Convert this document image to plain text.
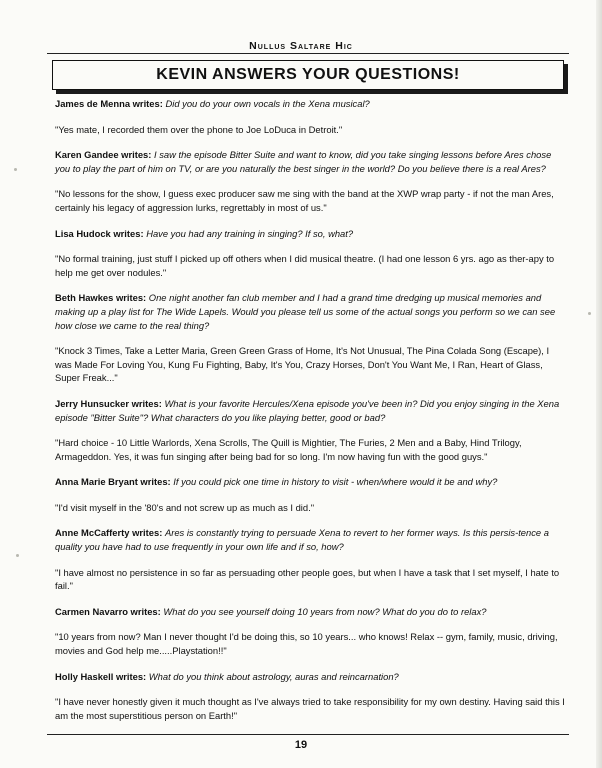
Nullus Saltare Hic

KEVIN ANSWERS YOUR QUESTIONS!

James de Menna writes: Did you do your own vocals in the Xena musical?

"Yes mate, I recorded them over the phone to Joe LoDuca in Detroit."

Karen Gandee writes: I saw the episode Bitter Suite and want to know, did you take singing lessons before Ares chose you to play the part of him on TV, or are you naturally the best singer in the world? Do you believe there is a real Ares?

"No lessons for the show, I guess exec producer saw me sing with the band at the XWP wrap party - if not the man Ares, certainly his legacy of aggression lurks, regrettably in most of us."

Lisa Hudock writes: Have you had any training in singing? If so, what?

"No formal training, just stuff I picked up off others when I did musical theatre. (I had one lesson 6 yrs. ago as ther-apy to help me get over nodules."

Beth Hawkes writes: One night another fan club member and I had a grand time dredging up musical memories and making up a play list for The Wide Lapels. Would you please tell us some of the actual songs you perform so we can see how close we came to the real thing?

"Knock 3 Times, Take a Letter Maria, Green Green Grass of Home, It's Not Unusual, The Pina Colada Song (Escape), I was Made For Loving You, Kung Fu Fighting, Baby, It's You, Crazy Horses, Don't You Want Me, I Ran, Heart of Glass, Super Freak..."

Jerry Hunsucker writes: What is your favorite Hercules/Xena episode you've been in? Did you enjoy singing in the Xena episode "Bitter Suite"? What characters do you like playing better, good or bad?

"Hard choice - 10 Little Warlords, Xena Scrolls, The Quill is Mightier, The Furies, 2 Men and a Baby, Hind Trilogy, Armageddon. Yes, it was fun singing after being bad for so long. I'm now having fun with the good guys."

Anna Marie Bryant writes: If you could pick one time in history to visit - when/where would it be and why?

"I'd visit myself in the '80's and not screw up as much as I did."

Anne McCafferty writes: Ares is constantly trying to persuade Xena to revert to her former ways. Is this persis-tence a quality you have had to use frequently in your own life and if so, how?

"I have almost no persistence in so far as persuading other people goes, but when I have a task that I set myself, I hate to fail."

Carmen Navarro writes: What do you see yourself doing 10 years from now? What do you do to relax?

"10 years from now? Man I never thought I'd be doing this, so 10 years... who knows! Relax -- gym, family, music, driving, movies and God help me.....Playstation!!"

Holly Haskell writes: What do you think about astrology, auras and reincarnation?

"I have never honestly given it much thought as I've always tried to take responsibility for my own destiny. Having said this I am the most superstitious person on Earth!"

19
